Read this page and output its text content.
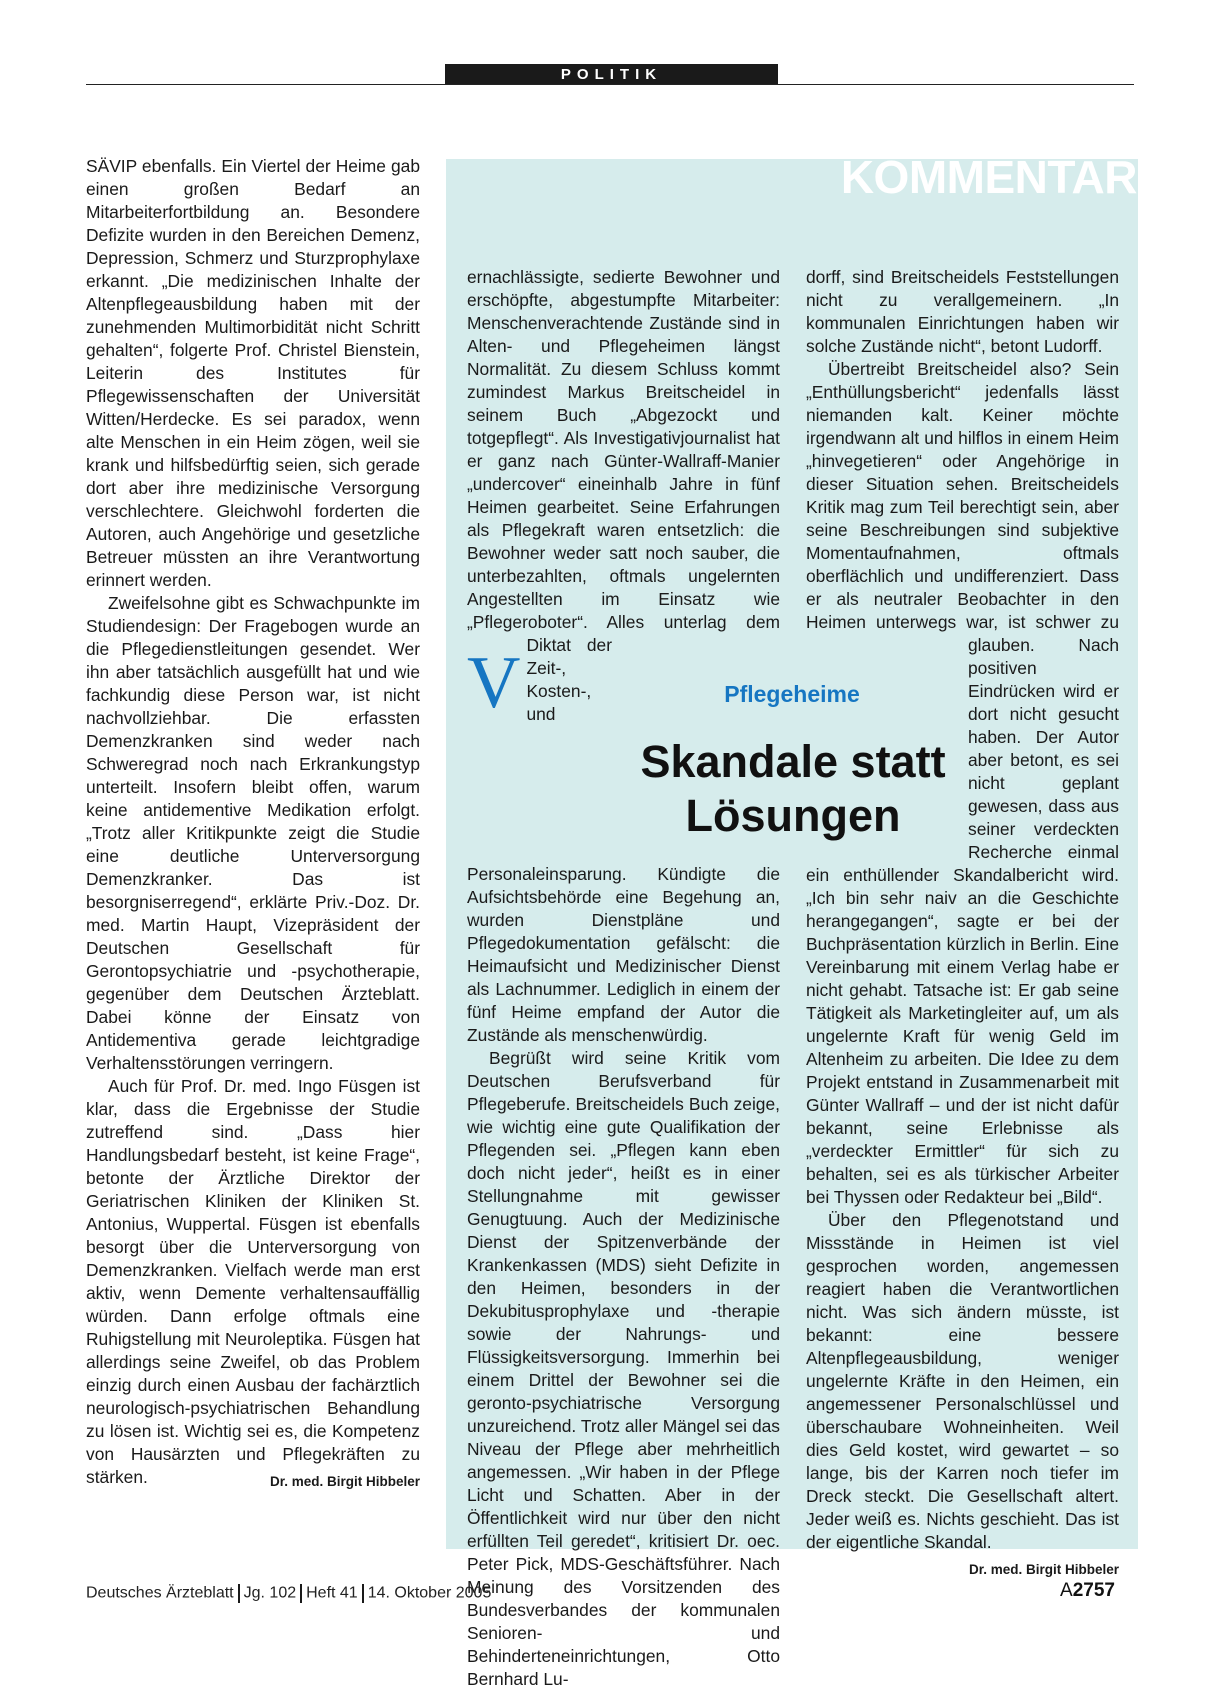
POLITIK

SÄVIP ebenfalls. Ein Viertel der Heime gab einen großen Bedarf an Mitarbeiterfortbildung an. Besondere Defizite wurden in den Bereichen Demenz, Depression, Schmerz und Sturzprophylaxe erkannt. „Die medizinischen Inhalte der Altenpflegeausbildung haben mit der zunehmenden Multimorbidität nicht Schritt gehalten“, folgerte Prof. Christel Bienstein, Leiterin des Institutes für Pflegewissenschaften der Universität Witten/Herdecke. Es sei paradox, wenn alte Menschen in ein Heim zögen, weil sie krank und hilfsbedürftig seien, sich gerade dort aber ihre medizinische Versorgung verschlechtere. Gleichwohl forderten die Autoren, auch Angehörige und gesetzliche Betreuer müssten an ihre Verantwortung erinnert werden.

Zweifelsohne gibt es Schwachpunkte im Studiendesign: Der Fragebogen wurde an die Pflegedienstleitungen gesendet. Wer ihn aber tatsächlich ausgefüllt hat und wie fachkundig diese Person war, ist nicht nachvollziehbar. Die erfassten Demenzkranken sind weder nach Schweregrad noch nach Erkrankungstyp unterteilt. Insofern bleibt offen, warum keine antidementive Medikation erfolgt. „Trotz aller Kritikpunkte zeigt die Studie eine deutliche Unterversorgung Demenzkranker. Das ist besorgniserregend“, erklärte Priv.-Doz. Dr. med. Martin Haupt, Vizepräsident der Deutschen Gesellschaft für Gerontopsychiatrie und -psychotherapie, gegenüber dem Deutschen Ärzteblatt. Dabei könne der Einsatz von Antidementiva gerade leichtgradige Verhaltensstörungen verringern.

Auch für Prof. Dr. med. Ingo Füsgen ist klar, dass die Ergebnisse der Studie zutreffend sind. „Dass hier Handlungsbedarf besteht, ist keine Frage“, betonte der Ärztliche Direktor der Geriatrischen Kliniken der Kliniken St. Antonius, Wuppertal. Füsgen ist ebenfalls besorgt über die Unterversorgung von Demenzkranken. Vielfach werde man erst aktiv, wenn Demente verhaltensauffällig würden. Dann erfolge oftmals eine Ruhigstellung mit Neuroleptika. Füsgen hat allerdings seine Zweifel, ob das Problem einzig durch einen Ausbau der fachärztlich neurologisch-psychiatrischen Behandlung zu lösen ist. Wichtig sei es, die Kompetenz von Hausärzten und Pflegekräften zu stärken.	Dr. med. Birgit Hibbeler

KOMMENTAR

V
ernachlässigte, sedierte Bewohner und erschöpfte, abgestumpfte Mitarbeiter: Menschenverachtende Zustände sind in Alten- und Pflegeheimen längst Normalität. Zu diesem Schluss kommt zumindest Markus Breitscheidel in seinem Buch „Abgezockt und totgepflegt“. Als Investigativjournalist hat er ganz nach Günter-Wallraff-Manier „undercover“ eineinhalb Jahre in fünf Heimen gearbeitet. Seine Erfahrungen als Pflegekraft waren entsetzlich: die Bewohner weder satt noch sauber, die unterbezahlten, oftmals ungelernten Angestellten im Einsatz wie „Pflegeroboter“. Alles unterlag dem Diktat der Zeit-, Kosten-, und Personaleinsparung. Kündigte die Aufsichtsbehörde eine Begehung an, wurden Dienstpläne und Pflegedokumentation gefälscht: die Heimaufsicht und Medizinischer Dienst als Lachnummer. Lediglich in einem der fünf Heime empfand der Autor die Zustände als menschenwürdig.

Begrüßt wird seine Kritik vom Deutschen Berufsverband für Pflegeberufe. Breitscheidels Buch zeige, wie wichtig eine gute Qualifikation der Pflegenden sei. „Pflegen kann eben doch nicht jeder“, heißt es in einer Stellungnahme mit gewisser Genugtuung. Auch der Medizinische Dienst der Spitzenverbände der Krankenkassen (MDS) sieht Defizite in den Heimen, besonders in der Dekubitusprophylaxe und -therapie sowie der Nahrungs- und Flüssigkeitsversorgung. Immerhin bei einem Drittel der Bewohner sei die geronto-psychiatrische Versorgung unzureichend. Trotz aller Mängel sei das Niveau der Pflege aber mehrheitlich angemessen. „Wir haben in der Pflege Licht und Schatten. Aber in der Öffentlichkeit wird nur über den nicht erfüllten Teil geredet“, kritisiert Dr. oec. Peter Pick, MDS-Geschäftsführer. Nach Meinung des Vorsitzenden des Bundesverbandes der kommunalen Senioren- und Behinderteneinrichtungen, Otto Bernhard Lu-

dorff, sind Breitscheidels Feststellungen nicht zu verallgemeinern. „In kommunalen Einrichtungen haben wir solche Zustände nicht“, betont Ludorff.

Übertreibt Breitscheidel also? Sein „Enthüllungsbericht“ jedenfalls lässt niemanden kalt. Keiner möchte irgendwann alt und hilflos in einem Heim „hinvegetieren“ oder Angehörige in dieser Situation sehen. Breitscheidels Kritik mag zum Teil berechtigt sein, aber seine Beschreibungen sind subjektive Momentaufnahmen, oftmals oberflächlich und undifferenziert. Dass er als neutraler Beobachter in den Heimen unterwegs war, ist schwer zu glauben. Nach positiven Eindrücken wird er dort nicht gesucht haben. Der Autor aber betont, es sei nicht geplant gewesen, dass aus seiner verdeckten Recherche einmal ein enthüllender Skandalbericht wird. „Ich bin sehr naiv an die Geschichte herangegangen“, sagte er bei der Buchpräsentation kürzlich in Berlin. Eine Vereinbarung mit einem Verlag habe er nicht gehabt. Tatsache ist: Er gab seine Tätigkeit als Marketingleiter auf, um als ungelernte Kraft für wenig Geld im Altenheim zu arbeiten. Die Idee zu dem Projekt entstand in Zusammenarbeit mit Günter Wallraff – und der ist nicht dafür bekannt, seine Erlebnisse als „verdeckter Ermittler“ für sich zu behalten, sei es als türkischer Arbeiter bei Thyssen oder Redakteur bei „Bild“.

Über den Pflegenotstand und Missstände in Heimen ist viel gesprochen worden, angemessen reagiert haben die Verantwortlichen nicht. Was sich ändern müsste, ist bekannt: eine bessere Altenpflegeausbildung, weniger ungelernte Kräfte in den Heimen, ein angemessener Personalschlüssel und überschaubare Wohneinheiten. Weil dies Geld kostet, wird gewartet – so lange, bis der Karren noch tiefer im Dreck steckt. Die Gesellschaft altert. Jeder weiß es. Nichts geschieht. Das ist der eigentliche Skandal.
Dr. med. Birgit Hibbeler

Pflegeheime
Skandale statt Lösungen
Deutsches Ärzteblatt Jg. 102 Heft 41 14. Oktober 2005	A2757
